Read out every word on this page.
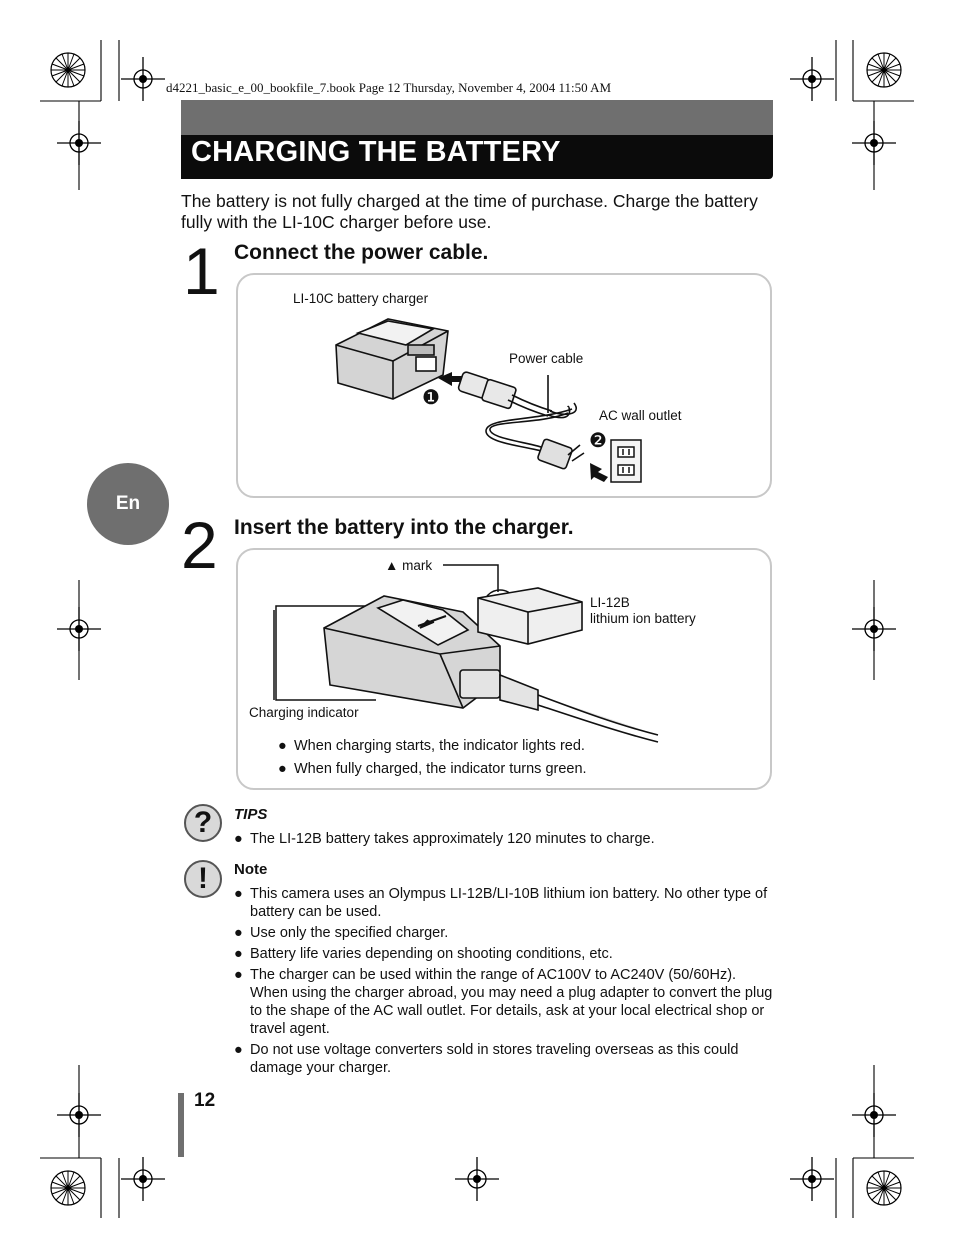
d4221_basic_e_00_bookfile_7.book Page 12 Thursday, November 4, 2004 11:50 AM
CHARGING THE BATTERY
The battery is not fully charged at the time of purchase. Charge the battery fully with the LI-10C charger before use.
En
1 Connect the power cable.
LI-10C battery charger
Power cable
AC wall outlet
❶
❷
2 Insert the battery into the charger.
▲ mark
LI-12B
lithium ion battery
Charging indicator
● When charging starts, the indicator lights red.
● When fully charged, the indicator turns green.
?	TIPS
● The LI-12B battery takes approximately 120 minutes to charge.
!	Note
● This camera uses an Olympus LI-12B/LI-10B lithium ion battery. No other type of battery can be used.
● Use only the specified charger.
● Battery life varies depending on shooting conditions, etc.
● The charger can be used within the range of AC100V to AC240V (50/60Hz). When using the charger abroad, you may need a plug adapter to convert the plug to the shape of the AC wall outlet. For details, ask at your local electrical shop or travel agent.
● Do not use voltage converters sold in stores traveling overseas as this could damage your charger.
12
